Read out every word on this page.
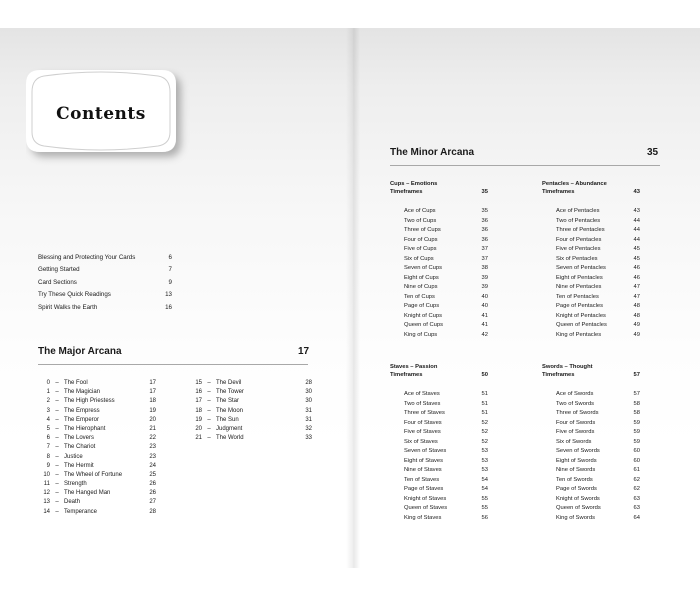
Contents
Blessing and Protecting Your Cards	6
Getting Started	7
Card Sections	9
Try These Quick Readings	13
Spirit Walks the Earth	16
The Major Arcana	17
0 – The Fool	17
1 – The Magician	17
2 – The High Priestess	18
3 – The Empress	19
4 – The Emperor	20
5 – The Hierophant	21
6 – The Lovers	22
7 – The Chariot	23
8 – Justice	23
9 – The Hermit	24
10 – The Wheel of Fortune	25
11 – Strength	26
12 – The Hanged Man	26
13 – Death	27
14 – Temperance	28
15 – The Devil	28
16 – The Tower	30
17 – The Star	30
18 – The Moon	31
19 – The Sun	31
20 – Judgment	32
21 – The World	33
The Minor Arcana	35
Cups – Emotions
Timeframes	35
Ace of Cups	35
Two of Cups	36
Three of Cups	36
Four of Cups	36
Five of Cups	37
Six of Cups	37
Seven of Cups	38
Eight of Cups	39
Nine of Cups	39
Ten of Cups	40
Page of Cups	40
Knight of Cups	41
Queen of Cups	41
King of Cups	42
Pentacles – Abundance
Timeframes	43
Ace of Pentacles	43
Two of Pentacles	44
Three of Pentacles	44
Four of Pentacles	44
Five of Pentacles	45
Six of Pentacles	45
Seven of Pentacles	46
Eight of Pentacles	46
Nine of Pentacles	47
Ten of Pentacles	47
Page of Pentacles	48
Knight of Pentacles	48
Queen of Pentacles	49
King of Pentacles	49
Staves – Passion
Timeframes	50
Ace of Staves	51
Two of Staves	51
Three of Staves	51
Four of Staves	52
Five of Staves	52
Six of Staves	52
Seven of Staves	53
Eight of Staves	53
Nine of Staves	53
Ten of Staves	54
Page of Staves	54
Knight of Staves	55
Queen of Staves	55
King of Staves	56
Swords – Thought
Timeframes	57
Ace of Swords	57
Two of Swords	58
Three of Swords	58
Four of Swords	59
Five of Swords	59
Six of Swords	59
Seven of Swords	60
Eight of Swords	60
Nine of Swords	61
Ten of Swords	62
Page of Swords	62
Knight of Swords	63
Queen of Swords	63
King of Swords	64
